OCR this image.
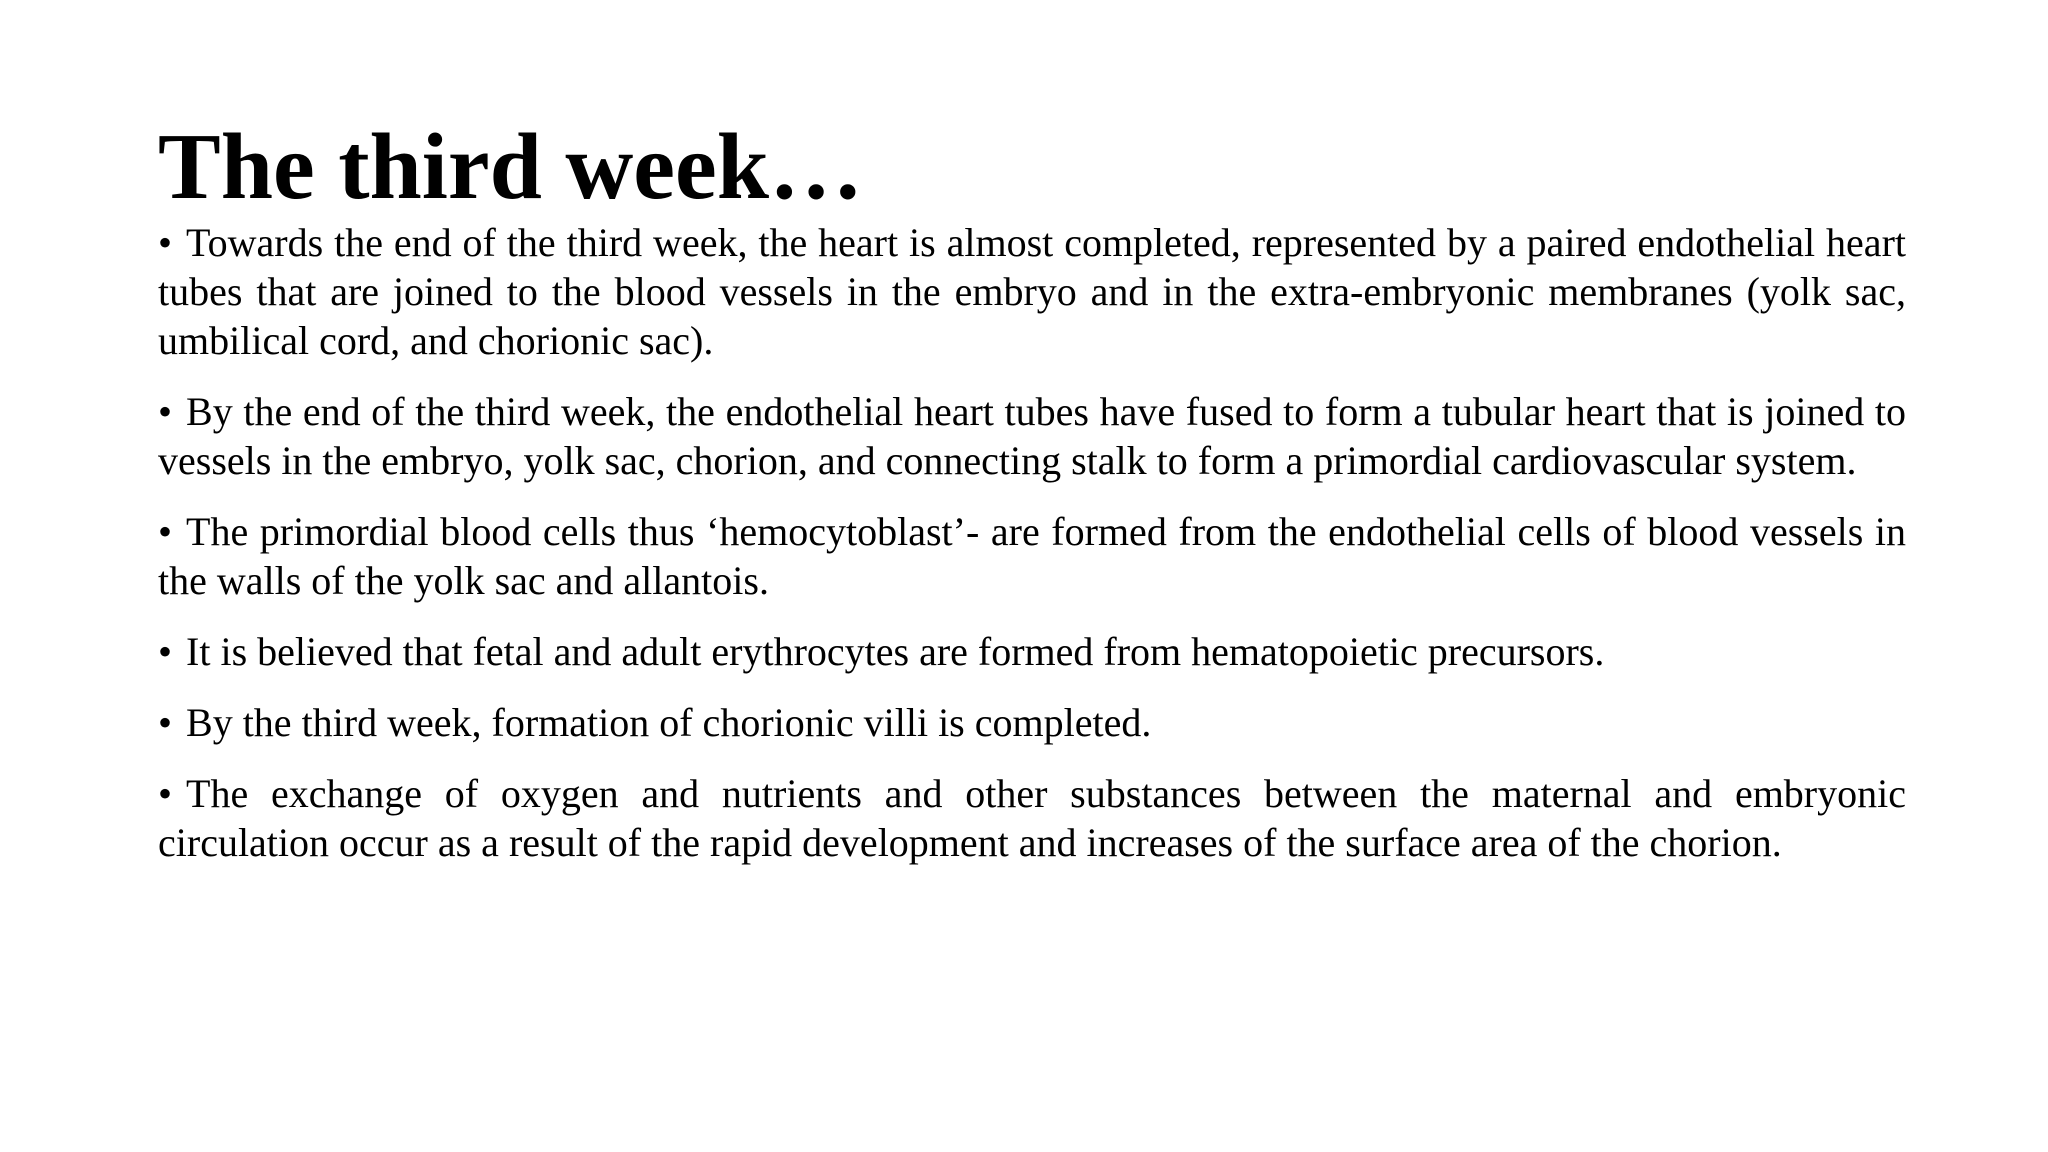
The third week…
• Towards the end of the third week, the heart is almost completed, represented by a paired endothelial heart tubes that are joined to the blood vessels in the embryo and in the extra-embryonic membranes (yolk sac, umbilical cord, and chorionic sac).
• By the end of the third week, the endothelial heart tubes have fused to form a tubular heart that is joined to vessels in the embryo, yolk sac, chorion, and connecting stalk to form a primordial cardiovascular system.
• The primordial blood cells thus ‘hemocytoblast’- are formed from the endothelial cells of blood vessels in the walls of the yolk sac and allantois.
• It is believed that fetal and adult erythrocytes are formed from hematopoietic precursors.
• By the third week, formation of chorionic villi is completed.
• The exchange of oxygen and nutrients and other substances between the maternal and embryonic circulation occur as a result of the rapid development and increases of the surface area of the chorion.
